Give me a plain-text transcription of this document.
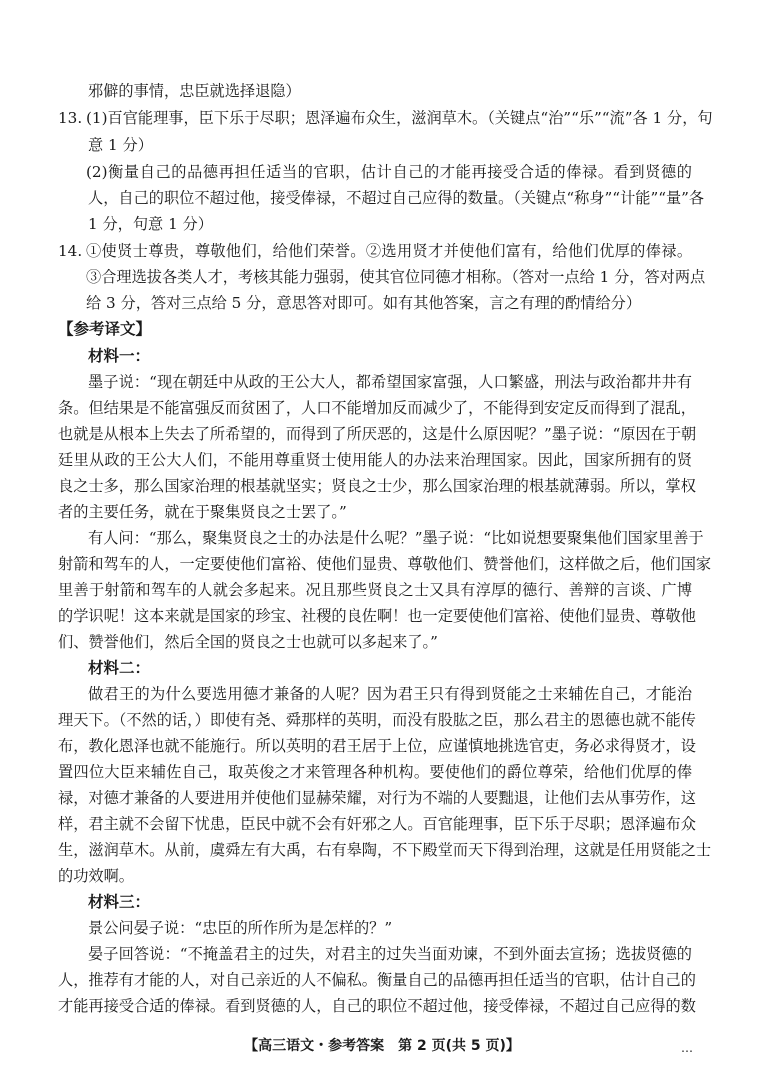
邪僻的事情，忠臣就选择退隐）
13. (1)百官能理事，臣下乐于尽职；恩泽遍布众生，滋润草木。（关键点“治”“乐”“流”各 1 分，句
意 1 分）
(2)衡量自己的品德再担任适当的官职，估计自己的才能再接受合适的俸禄。看到贤德的
人，自己的职位不超过他，接受俸禄，不超过自己应得的数量。（关键点“称身”“计能”“量”各
1 分，句意 1 分）
14. ①使贤士尊贵，尊敬他们，给他们荣誉。②选用贤才并使他们富有，给他们优厚的俸禄。
③合理选拔各类人才，考核其能力强弱，使其官位同德才相称。（答对一点给 1 分，答对两点
给 3 分，答对三点给 5 分，意思答对即可。如有其他答案，言之有理的酌情给分）
【参考译文】
材料一：
墨子说：“现在朝廷中从政的王公大人，都希望国家富强，人口繁盛，刑法与政治都井井有
条。但结果是不能富强反而贫困了，人口不能增加反而减少了，不能得到安定反而得到了混乱，
也就是从根本上失去了所希望的，而得到了所厌恶的，这是什么原因呢？”墨子说：“原因在于朝
廷里从政的王公大人们，不能用尊重贤士使用能人的办法来治理国家。因此，国家所拥有的贤
良之士多，那么国家治理的根基就坚实；贤良之士少，那么国家治理的根基就薄弱。所以，掌权
者的主要任务，就在于聚集贤良之士罢了。”
有人问：“那么，聚集贤良之士的办法是什么呢？”墨子说：“比如说想要聚集他们国家里善于
射箭和驾车的人，一定要使他们富裕、使他们显贵、尊敬他们、赞誉他们，这样做之后，他们国家
里善于射箭和驾车的人就会多起来。况且那些贤良之士又具有淳厚的德行、善辩的言谈、广博
的学识呢！这本来就是国家的珍宝、社稷的良佐啊！也一定要使他们富裕、使他们显贵、尊敬他
们、赞誉他们，然后全国的贤良之士也就可以多起来了。”
材料二：
做君王的为什么要选用德才兼备的人呢？因为君王只有得到贤能之士来辅佐自己，才能治
理天下。（不然的话，）即使有尧、舜那样的英明，而没有股肱之臣，那么君主的恩德也就不能传
布，教化恩泽也就不能施行。所以英明的君王居于上位，应谨慎地挑选官吏，务必求得贤才，设
置四位大臣来辅佐自己，取英俊之才来管理各种机构。要使他们的爵位尊荣，给他们优厚的俸
禄，对德才兼备的人要进用并使他们显赫荣耀，对行为不端的人要黜退，让他们去从事劳作，这
样，君主就不会留下忧患，臣民中就不会有奸邪之人。百官能理事，臣下乐于尽职；恩泽遍布众
生，滋润草木。从前，虞舜左有大禹，右有皋陶，不下殿堂而天下得到治理，这就是任用贤能之士
的功效啊。
材料三：
景公问晏子说：“忠臣的所作所为是怎样的？”
晏子回答说：“不掩盖君主的过失，对君主的过失当面劝谏，不到外面去宣扬；选拔贤德的
人，推荐有才能的人，对自己亲近的人不偏私。衡量自己的品德再担任适当的官职，估计自己的
才能再接受合适的俸禄。看到贤德的人，自己的职位不超过他，接受俸禄，不超过自己应得的数
【高三语文・参考答案　第 2 页(共 5 页)】	…
